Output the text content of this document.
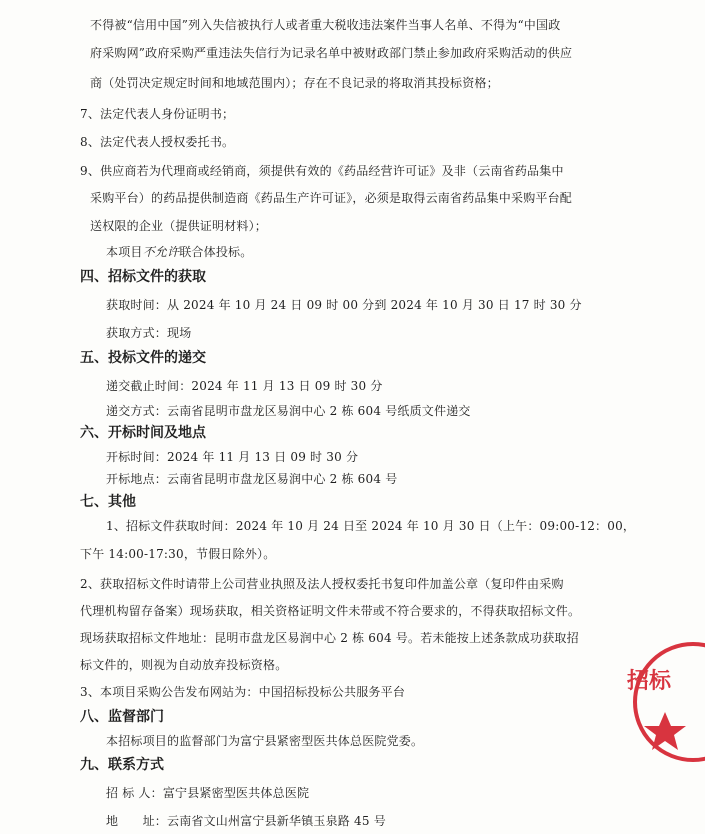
不得被“信用中国”列入失信被执行人或者重大税收违法案件当事人名单、不得为“中国政
府采购网”政府采购严重违法失信行为记录名单中被财政部门禁止参加政府采购活动的供应
商（处罚决定规定时间和地域范围内）；存在不良记录的将取消其投标资格；
7、法定代表人身份证明书；
8、法定代表人授权委托书。
9、供应商若为代理商或经销商，须提供有效的《药品经营许可证》及非（云南省药品集中
采购平台）的药品提供制造商《药品生产许可证》，必须是取得云南省药品集中采购平台配
送权限的企业（提供证明材料）；
本项目不允许联合体投标。
四、招标文件的获取
获取时间：从 2024 年 10 月 24 日 09 时 00 分到 2024 年 10 月 30 日 17 时 30 分
获取方式：现场
五、投标文件的递交
递交截止时间：2024 年 11 月 13 日 09 时 30 分
递交方式：云南省昆明市盘龙区易润中心 2 栋 604 号纸质文件递交
六、开标时间及地点
开标时间：2024 年 11 月 13 日 09 时 30 分
开标地点：云南省昆明市盘龙区易润中心 2 栋 604 号
七、其他
1、招标文件获取时间：2024 年 10 月 24 日至 2024 年 10 月 30 日（上午：09:00-12：00，
下午 14:00-17:30，节假日除外）。
2、获取招标文件时请带上公司营业执照及法人授权委托书复印件加盖公章（复印件由采购
代理机构留存备案）现场获取，相关资格证明文件未带或不符合要求的，不得获取招标文件。
现场获取招标文件地址：昆明市盘龙区易润中心 2 栋 604 号。若未能按上述条款成功获取招
标文件的，则视为自动放弃投标资格。
3、本项目采购公告发布网站为：中国招标投标公共服务平台
八、监督部门
本招标项目的监督部门为富宁县紧密型医共体总医院党委。
九、联系方式
招 标 人：富宁县紧密型医共体总医院
地　　址：云南省文山州富宁县新华镇玉泉路 45 号
招标
